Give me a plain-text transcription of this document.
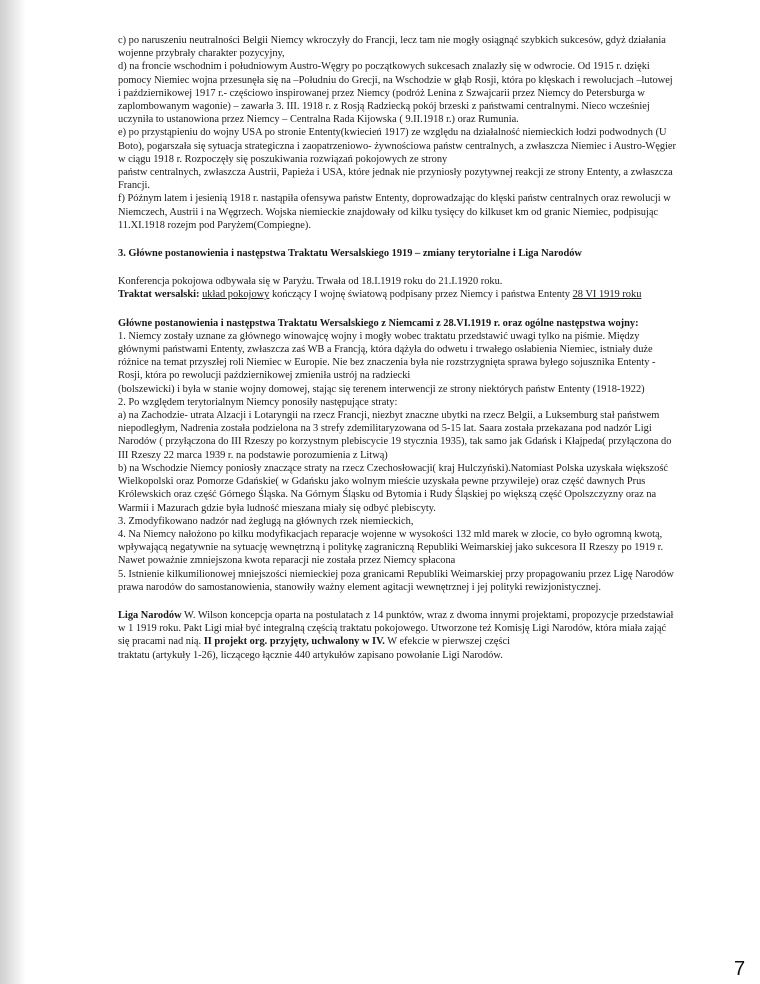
c) po naruszeniu neutralności Belgii Niemcy wkroczyły do Francji, lecz tam nie mogły osiągnąć szybkich sukcesów, gdyż działania wojenne przybrały charakter pozycyjny,

d) na froncie wschodnim i południowym Austro-Węgry po początkowych sukcesach znalazły się w odwrocie. Od 1915 r. dzięki pomocy Niemiec wojna przesunęła się na –Południu do Grecji, na Wschodzie w głąb Rosji, która po klęskach i rewolucjach –lutowej i październikowej 1917 r.- częściowo inspirowanej przez Niemcy (podróż Lenina z Szwajcarii przez Niemcy do Petersburga w zaplombowanym wagonie) – zawarła 3. III. 1918 r. z Rosją Radziecką pokój brzeski z państwami centralnymi. Nieco wcześniej uczyniła to ustanowiona przez Niemcy – Centralna Rada Kijowska ( 9.II.1918 r.) oraz Rumunia.

e) po przystąpieniu do wojny USA po stronie Ententy(kwiecień 1917) ze względu na działalność niemieckich łodzi podwodnych (U Boto), pogarszała się sytuacja strategiczna i zaopatrzeniowo- żywnościowa państw centralnych, a zwłaszcza Niemiec i Austro-Węgier w ciągu 1918 r. Rozpoczęły się poszukiwania rozwiązań pokojowych ze strony

państw centralnych, zwłaszcza Austrii, Papieża i USA, które jednak nie przyniosły pozytywnej reakcji ze strony Ententy, a zwłaszcza Francji.

f) Późnym latem i jesienią 1918 r. nastąpiła ofensywa państw Ententy, doprowadzając do klęski państw centralnych oraz rewolucji w Niemczech, Austrii i na Węgrzech. Wojska niemieckie znajdowały od kilku tysięcy do kilkuset km od granic Niemiec, podpisując 11.XI.1918 rozejm pod Paryżem(Compiegne).

3. Główne postanowienia i następstwa Traktatu Wersalskiego 1919 – zmiany terytorialne i Liga Narodów

Konferencja pokojowa odbywała się w Paryżu. Trwała od 18.I.1919 roku do 21.I.1920 roku.

Traktat wersalski: układ pokojowy kończący I wojnę światową podpisany przez Niemcy i państwa Ententy 28 VI 1919 roku

Główne postanowienia i następstwa Traktatu Wersalskiego z Niemcami z 28.VI.1919 r. oraz ogólne następstwa wojny:

1. Niemcy zostały uznane za głównego winowajcę wojny i mogły wobec traktatu przedstawić uwagi tylko na piśmie. Między głównymi państwami Ententy, zwłaszcza zaś WB a Francją, która dążyła do odwetu i trwałego osłabienia Niemiec, istniały duże różnice na temat przyszłej roli Niemiec w Europie. Nie bez znaczenia była nie rozstrzygnięta sprawa byłego sojusznika Ententy - Rosji, która po rewolucji październikowej zmieniła ustrój na radziecki

(bolszewicki) i była w stanie wojny domowej, stając się terenem interwencji ze strony niektórych państw Ententy (1918-1922)

2. Po względem terytorialnym Niemcy ponosiły następujące straty:

a) na Zachodzie- utrata Alzacji i Lotaryngii na rzecz Francji, niezbyt znaczne ubytki na rzecz Belgii, a Luksemburg stał państwem niepodległym, Nadrenia została podzielona na 3 strefy zdemilitaryzowana od 5-15 lat. Saara została przekazana pod nadzór Ligi Narodów ( przyłączona do III Rzeszy po korzystnym plebiscycie 19 stycznia 1935), tak samo jak Gdańsk i Kłajpeda( przyłączona do III Rzeszy 22 marca 1939 r. na podstawie porozumienia z Litwą)

b) na Wschodzie Niemcy poniosły znaczące straty na rzecz Czechosłowacji( kraj Hulczyński).Natomiast Polska uzyskała większość Wielkopolski oraz Pomorze Gdańskie( w Gdańsku jako wolnym mieście uzyskała pewne przywileje) oraz część dawnych Prus Królewskich oraz część Górnego Śląska. Na Górnym Śląsku od Bytomia i Rudy Śląskiej po większą część Opolszczyzny oraz na Warmii i Mazurach gdzie była ludność mieszana miały się odbyć plebiscyty.

3. Zmodyfikowano nadzór nad żeglugą na głównych rzek niemieckich,

4. Na Niemcy nałożono po kilku modyfikacjach reparacje wojenne w wysokości 132 mld marek w złocie, co było ogromną kwotą, wpływającą negatywnie na sytuację wewnętrzną i politykę zagraniczną Republiki Weimarskiej jako sukcesora II Rzeszy po 1919 r. Nawet poważnie zmniejszona kwota reparacji nie została przez Niemcy spłacona

5. Istnienie kilkumilionowej mniejszości niemieckiej poza granicami Republiki Weimarskiej przy propagowaniu przez Ligę Narodów prawa narodów do samostanowienia, stanowiły ważny element agitacji wewnętrznej i jej polityki rewizjonistycznej.

Liga Narodów W. Wilson koncepcja oparta na postulatach z 14 punktów, wraz z dwoma innymi projektami, propozycje przedstawiał w 1 1919 roku. Pakt Ligi miał być integralną częścią traktatu pokojowego. Utworzone też Komisję Ligi Narodów, która miała zająć się pracami nad nią. II projekt org. przyjęty, uchwalony w IV. W efekcie w pierwszej części

traktatu (artykuły 1-26), liczącego łącznie 440 artykułów zapisano powołanie Ligi Narodów.

7
